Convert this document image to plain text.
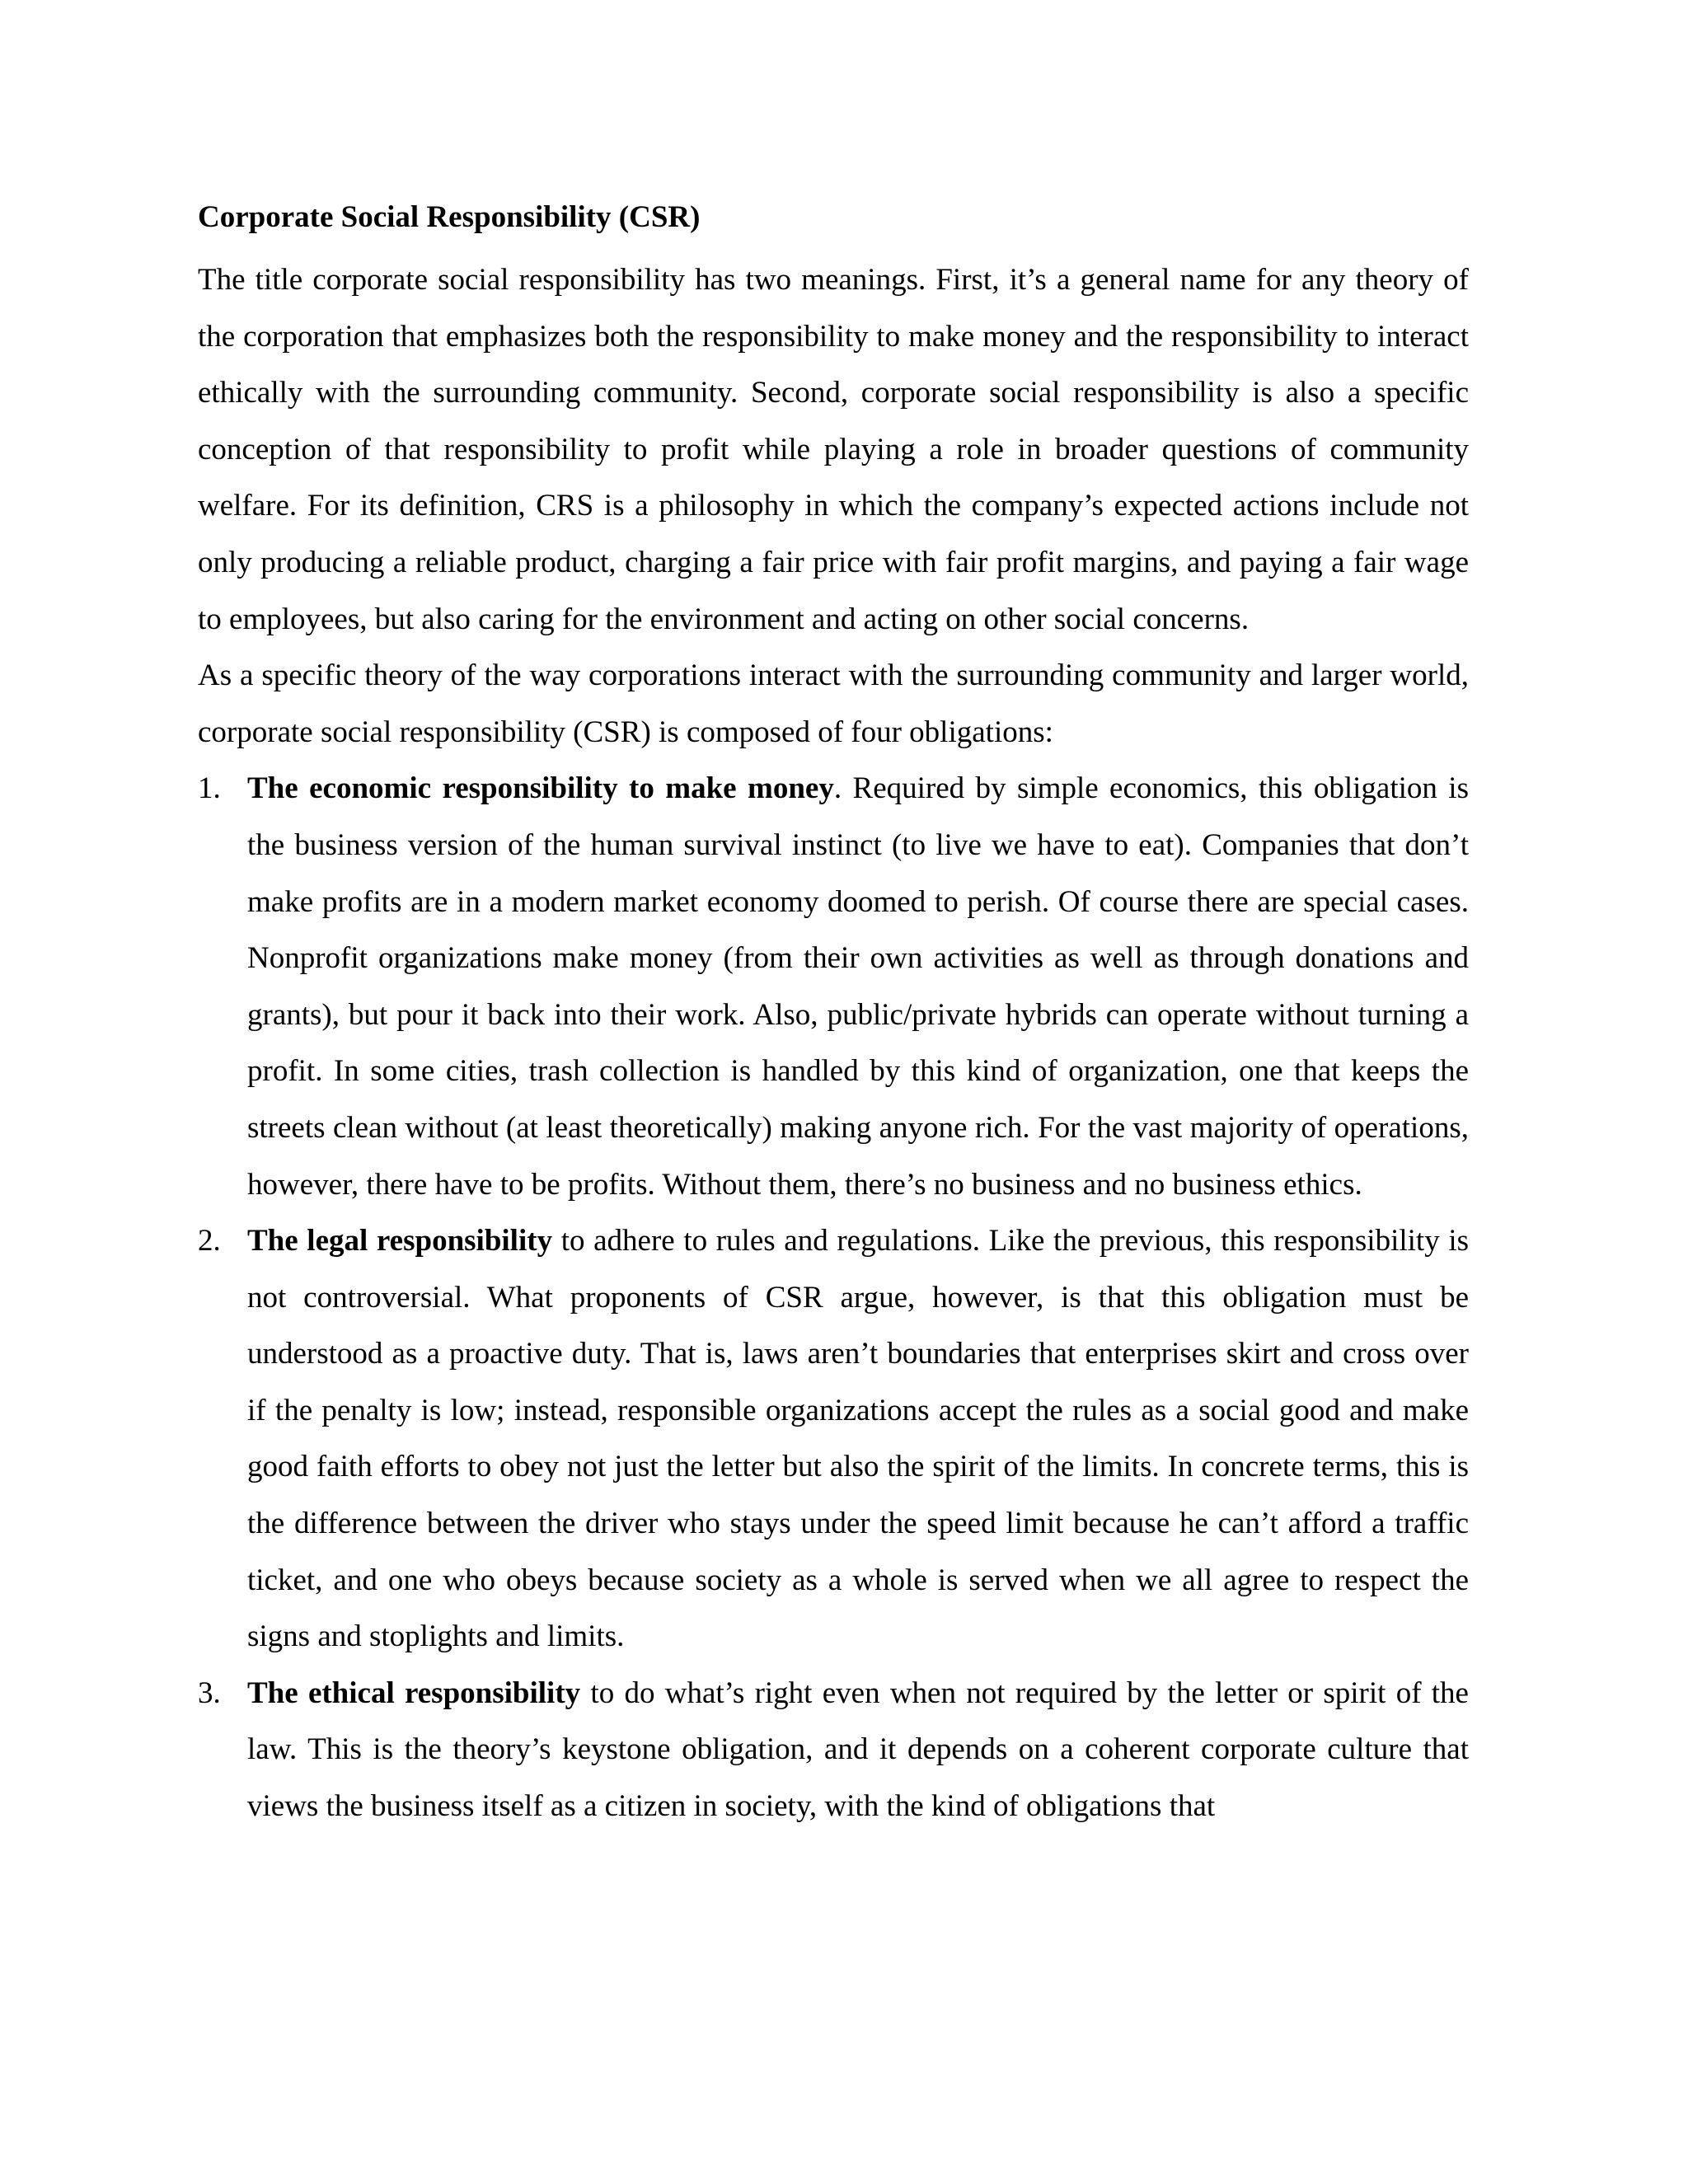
Corporate Social Responsibility (CSR)

The title corporate social responsibility has two meanings. First, it’s a general name for any theory of the corporation that emphasizes both the responsibility to make money and the responsibility to interact ethically with the surrounding community. Second, corporate social responsibility is also a specific conception of that responsibility to profit while playing a role in broader questions of community welfare. For its definition, CRS is a philosophy in which the company’s expected actions include not only producing a reliable product, charging a fair price with fair profit margins, and paying a fair wage to employees, but also caring for the environment and acting on other social concerns.

As a specific theory of the way corporations interact with the surrounding community and larger world, corporate social responsibility (CSR) is composed of four obligations:

1. The economic responsibility to make money. Required by simple economics, this obligation is the business version of the human survival instinct (to live we have to eat). Companies that don’t make profits are in a modern market economy doomed to perish. Of course there are special cases. Nonprofit organizations make money (from their own activities as well as through donations and grants), but pour it back into their work. Also, public/private hybrids can operate without turning a profit. In some cities, trash collection is handled by this kind of organization, one that keeps the streets clean without (at least theoretically) making anyone rich. For the vast majority of operations, however, there have to be profits. Without them, there’s no business and no business ethics.
2. The legal responsibility to adhere to rules and regulations. Like the previous, this responsibility is not controversial. What proponents of CSR argue, however, is that this obligation must be understood as a proactive duty. That is, laws aren’t boundaries that enterprises skirt and cross over if the penalty is low; instead, responsible organizations accept the rules as a social good and make good faith efforts to obey not just the letter but also the spirit of the limits. In concrete terms, this is the difference between the driver who stays under the speed limit because he can’t afford a traffic ticket, and one who obeys because society as a whole is served when we all agree to respect the signs and stoplights and limits.
3. The ethical responsibility to do what’s right even when not required by the letter or spirit of the law. This is the theory’s keystone obligation, and it depends on a coherent corporate culture that views the business itself as a citizen in society, with the kind of obligations that
